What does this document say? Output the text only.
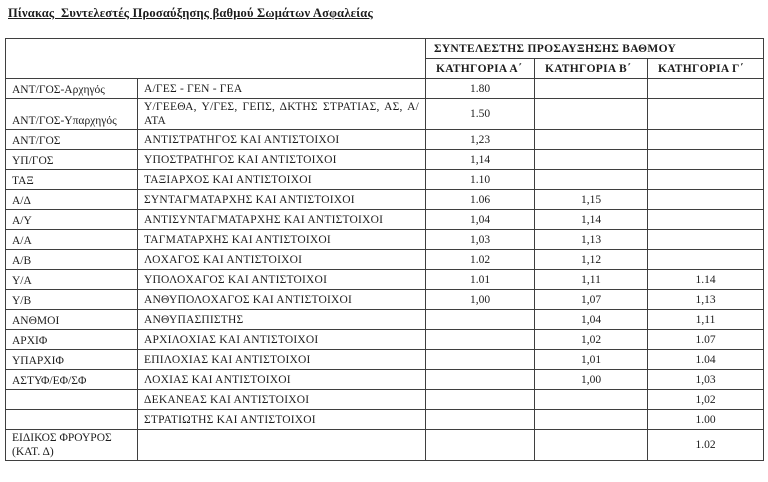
Πίνακας  Συντελεστές Προσαύξησης βαθμού Σωμάτων Ασφαλείας
		ΣΥΝΤΕΛΕΣΤΗΣ ΠΡΟΣΑΥΞΗΣΗΣ ΒΑΘΜΟΥ		
		ΚΑΤΗΓΟΡΙΑ Α΄	ΚΑΤΗΓΟΡΙΑ Β΄	ΚΑΤΗΓΟΡΙΑ Γ΄
ΑΝΤ/ΓΟΣ-Αρχηγός	Α/ΓΕΣ - ΓΕΝ - ΓΕΑ	1.80		
ΑΝΤ/ΓΟΣ-Υπαρχηγός	Υ/ΓΕΕΘΑ, Υ/ΓΕΣ, ΓΕΠΣ, ΔΚΤΗΣ ΣΤΡΑΤΙΑΣ, ΑΣ, Α/ΑΤΑ	1.50		
ΑΝΤ/ΓΟΣ	ΑΝΤΙΣΤΡΑΤΗΓΟΣ ΚΑΙ ΑΝΤΙΣΤΟΙΧΟΙ	1,23		
ΥΠ/ΓΟΣ	ΥΠΟΣΤΡΑΤΗΓΟΣ ΚΑΙ ΑΝΤΙΣΤΟΙΧΟΙ	1,14		
ΤΑΞ	ΤΑΞΙΑΡΧΟΣ ΚΑΙ ΑΝΤΙΣΤΟΙΧΟΙ	1.10		
Α/Δ	ΣΥΝΤΑΓΜΑΤΑΡΧΗΣ ΚΑΙ ΑΝΤΙΣΤΟΙΧΟΙ	1.06	1,15	
Α/Υ	ΑΝΤΙΣΥΝΤΑΓΜΑΤΑΡΧΗΣ ΚΑΙ ΑΝΤΙΣΤΟΙΧΟΙ	1,04	1,14	
Α/Α	ΤΑΓΜΑΤΑΡΧΗΣ ΚΑΙ ΑΝΤΙΣΤΟΙΧΟΙ	1,03	1,13	
Α/Β	ΛΟΧΑΓΟΣ ΚΑΙ ΑΝΤΙΣΤΟΙΧΟΙ	1.02	1,12	
Υ/Α	ΥΠΟΛΟΧΑΓΟΣ ΚΑΙ ΑΝΤΙΣΤΟΙΧΟΙ	1.01	1,11	1.14
Υ/Β	ΑΝΘΥΠΟΛΟΧΑΓΟΣ ΚΑΙ ΑΝΤΙΣΤΟΙΧΟΙ	1,00	1,07	1,13
ΑΝΘΜΟΙ	ΑΝΘΥΠΑΣΠΙΣΤΗΣ		1,04	1,11
ΑΡΧΙΦ	ΑΡΧΙΛΟΧΙΑΣ ΚΑΙ ΑΝΤΙΣΤΟΙΧΟΙ		1,02	1.07
ΥΠΑΡΧΙΦ	ΕΠΙΛΟΧΙΑΣ ΚΑΙ ΑΝΤΙΣΤΟΙΧΟΙ		1,01	1.04
ΑΣΤΥΦ/ΕΦ/ΣΦ	ΛΟΧΙΑΣ ΚΑΙ ΑΝΤΙΣΤΟΙΧΟΙ		1,00	1,03
	ΔΕΚΑΝΕΑΣ ΚΑΙ ΑΝΤΙΣΤΟΙΧΟΙ			1,02
	ΣΤΡΑΤΙΩΤΗΣ ΚΑΙ ΑΝΤΙΣΤΟΙΧΟΙ			1.00
ΕΙΔΙΚΟΣ ΦΡΟΥΡΟΣ (ΚΑΤ. Δ)				1.02
